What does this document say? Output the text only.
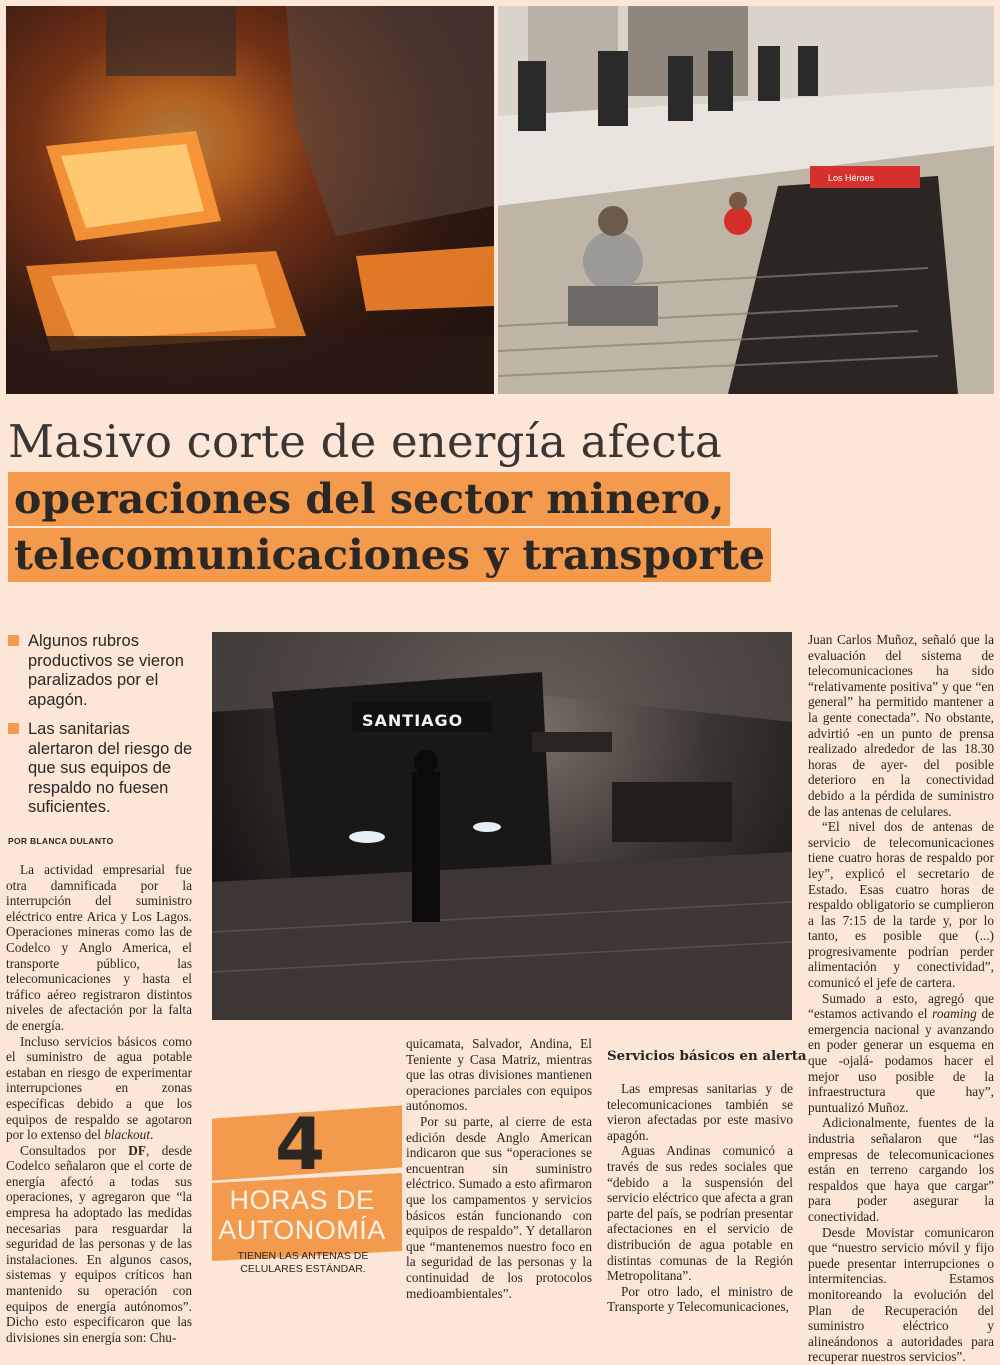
Los Héroes
Masivo corte de energía afecta
operaciones del sector minero,
telecomunicaciones y transporte
Algunos rubros productivos se vieron paralizados por el apagón.
Las sanitarias alertaron del riesgo de que sus equipos de respaldo no fuesen suficientes.
POR BLANCA DULANTO

La actividad empresarial fue otra damnificada por la interrupción del suministro eléctrico entre Arica y Los Lagos. Operaciones mineras como las de Codelco y Anglo America, el transporte público, las telecomunicaciones y hasta el tráfico aéreo registraron distintos niveles de afectación por la falta de energía.

Incluso servicios básicos como el suministro de agua potable estaban en riesgo de experimentar interrupciones en zonas específicas debido a que los equipos de respaldo se agotaron por lo extenso del blackout.

Consultados por DF, desde Codelco señalaron que el corte de energía afectó a todas sus operaciones, y agregaron que “la empresa ha adoptado las medidas necesarias para resguardar la seguridad de las personas y de las instalaciones. En algunos casos, sistemas y equipos críticos han mantenido su operación con equipos de energía autónomos”. Dicho esto especificaron que las divisiones sin energía son: Chu-

SANTIAGO

quicamata, Salvador, Andina, El Teniente y Casa Matriz, mientras que las otras divisiones mantienen operaciones parciales con equipos autónomos.

Por su parte, al cierre de esta edición desde Anglo American indicaron que sus “operaciones se encuentran sin suministro eléctrico. Sumado a esto afirmaron que los campamentos y servicios básicos están funcionando con equipos de respaldo”. Y detallaron que “mantenemos nuestro foco en la seguridad de las personas y la continuidad de los protocolos medioambientales”.

Servicios básicos en alerta

Las empresas sanitarias y de telecomunicaciones también se vieron afectadas por este masivo apagón.

Aguas Andinas comunicó a través de sus redes sociales que “debido a la suspensión del servicio eléctrico que afecta a gran parte del país, se podrían presentar afectaciones en el servicio de distribución de agua potable en distintas comunas de la Región Metropolitana”.

Por otro lado, el ministro de Transporte y Telecomunicaciones,

Juan Carlos Muñoz, señaló que la evaluación del sistema de telecomunicaciones ha sido “relativamente positiva” y que “en general” ha permitido mantener a la gente conectada”. No obstante, advirtió -en un punto de prensa realizado alrededor de las 18.30 horas de ayer- del posible deterioro en la conectividad debido a la pérdida de suministro de las antenas de celulares.

“El nivel dos de antenas de servicio de telecomunicaciones tiene cuatro horas de respaldo por ley”, explicó el secretario de Estado. Esas cuatro horas de respaldo obligatorio se cumplieron a las 7:15 de la tarde y, por lo tanto, es posible que (...) progresivamente podrían perder alimentación y conectividad”, comunicó el jefe de cartera.

Sumado a esto, agregó que “estamos activando el roaming de emergencia nacional y avanzando en poder generar un esquema en que -ojalá- podamos hacer el mejor uso posible de la infraestructura que hay”, puntualizó Muñoz.

Adicionalmente, fuentes de la industria señalaron que “las empresas de telecomunicaciones están en terreno cargando los respaldos que haya que cargar” para poder asegurar la conectividad.

Desde Movistar comunicaron que “nuestro servicio móvil y fijo puede presentar interrupciones o intermitencias. Estamos monitoreando la evolución del Plan de Recuperación del suministro eléctrico y alineándonos a autoridades para recuperar nuestros servicios”.

4
HORAS DE
AUTONOMÍA
TIENEN LAS ANTENAS DE CELULARES ESTÁNDAR.
